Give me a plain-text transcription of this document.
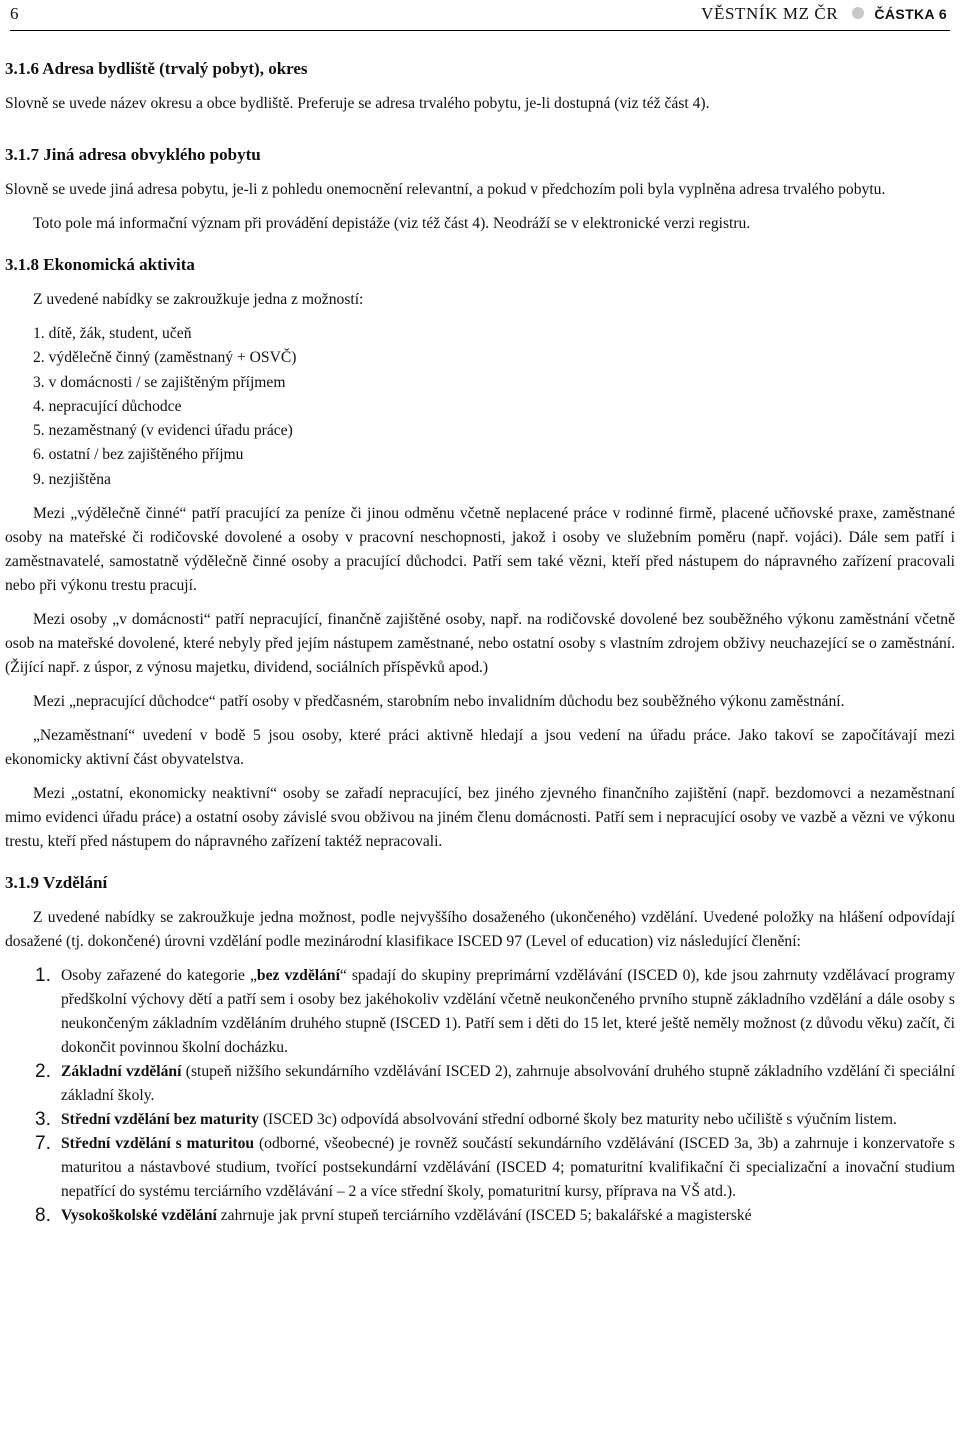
6	VĚSTNÍK MZ ČR	ČÁSTKA 6
3.1.6 Adresa bydliště (trvalý pobyt), okres

Slovně se uvede název okresu a obce bydliště. Preferuje se adresa trvalého pobytu, je-li dostupná (viz též část 4).

3.1.7 Jiná adresa obvyklého pobytu

Slovně se uvede jiná adresa pobytu, je-li z pohledu onemocnění relevantní, a pokud v předchozím poli byla vyplněna adresa trvalého pobytu.

Toto pole má informační význam při provádění depistáže (viz též část 4). Neodráží se v elektronické verzi registru.

3.1.8 Ekonomická aktivita

Z uvedené nabídky se zakroužkuje jedna z možností:

1. dítě, žák, student, učeň
2. výdělečně činný (zaměstnaný + OSVČ)
3. v domácnosti / se zajištěným příjmem
4. nepracující důchodce
5. nezaměstnaný (v evidenci úřadu práce)
6. ostatní / bez zajištěného příjmu
9. nezjištěna

Mezi „výdělečně činné“ patří pracující za peníze či jinou odměnu včetně neplacené práce v rodinné firmě, placené učňovské praxe, zaměstnané osoby na mateřské či rodičovské dovolené a osoby v pracovní neschopnosti, jakož i osoby ve služebním poměru (např. vojáci). Dále sem patří i zaměstnavatelé, samostatně výdělečně činné osoby a pracující důchodci. Patří sem také vězni, kteří před nástupem do nápravného zařízení pracovali nebo při výkonu trestu pracují.

Mezi osoby „v domácnosti“ patří nepracující, finančně zajištěné osoby, např. na rodičovské dovolené bez souběžného výkonu zaměstnání včetně osob na mateřské dovolené, které nebyly před jejím nástupem zaměstnané, nebo ostatní osoby s vlastním zdrojem obživy neuchazející se o zaměstnání. (Žijící např. z úspor, z výnosu majetku, dividend, sociálních příspěvků apod.)

Mezi „nepracující důchodce“ patří osoby v předčasném, starobním nebo invalidním důchodu bez souběžného výkonu zaměstnání.

„Nezaměstnaní“ uvedení v bodě 5 jsou osoby, které práci aktivně hledají a jsou vedení na úřadu práce. Jako takoví se započítávají mezi ekonomicky aktivní část obyvatelstva.

Mezi „ostatní, ekonomicky neaktivní“ osoby se zařadí nepracující, bez jiného zjevného finančního zajištění (např. bezdomovci a nezaměstnaní mimo evidenci úřadu práce) a ostatní osoby závislé svou obživou na jiném členu domácnosti. Patří sem i nepracující osoby ve vazbě a vězni ve výkonu trestu, kteří před nástupem do nápravného zařízení taktéž nepracovali.

3.1.9 Vzdělání

Z uvedené nabídky se zakroužkuje jedna možnost, podle nejvyššího dosaženého (ukončeného) vzdělání. Uvedené položky na hlášení odpovídají dosažené (tj. dokončené) úrovni vzdělání podle mezinárodní klasifikace ISCED 97 (Level of education) viz následující členění:

1. Osoby zařazené do kategorie „bez vzdělání“ spadají do skupiny preprimární vzdělávání (ISCED 0), kde jsou zahrnuty vzdělávací programy předškolní výchovy dětí a patří sem i osoby bez jakéhokoliv vzdělání včetně neukončeného prvního stupně základního vzdělání a dále osoby s neukončeným základním vzděláním druhého stupně (ISCED 1). Patří sem i děti do 15 let, které ještě neměly možnost (z důvodu věku) začít, či dokončit povinnou školní docházku.
2. Základní vzdělání (stupeň nižšího sekundárního vzdělávání ISCED 2), zahrnuje absolvování druhého stupně základního vzdělání či speciální základní školy.
3. Střední vzdělání bez maturity (ISCED 3c) odpovídá absolvování střední odborné školy bez maturity nebo učiliště s výučním listem.
7. Střední vzdělání s maturitou (odborné, všeobecné) je rovněž součástí sekundárního vzdělávání (ISCED 3a, 3b) a zahrnuje i konzervatoře s maturitou a nástavbové studium, tvořící postsekundární vzdělávání (ISCED 4; pomaturitní kvalifikační či specializační a inovační studium nepatřící do systému terciárního vzdělávání – 2 a více střední školy, pomaturitní kursy, příprava na VŠ atd.).
8. Vysokoškolské vzdělání zahrnuje jak první stupeň terciárního vzdělávání (ISCED 5; bakalářské a magisterské
